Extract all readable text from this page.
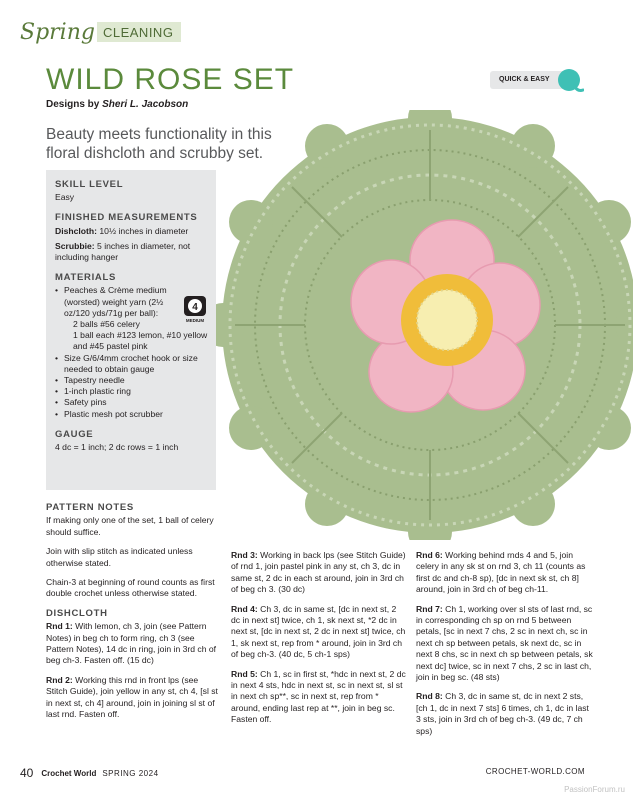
Spring CLEANING
WILD ROSE SET
Designs by Sheri L. Jacobson
QUICK & EASY
Beauty meets functionality in this floral dishcloth and scrubby set.
SKILL LEVEL
Easy
FINISHED MEASUREMENTS

Dishcloth: 10½ inches in diameter

Scrubbie: 5 inches in diameter, not including hanger

MATERIALS
• Peaches & Crème medium (worsted) weight yarn (2½ oz/120 yds/71g per ball):
2 balls #56 celery
1 ball each #123 lemon, #10 yellow and #45 pastel pink
• Size G/6/4mm crochet hook or size needed to obtain gauge
• Tapestry needle
• 1-inch plastic ring
• Safety pins
• Plastic mesh pot scrubber
GAUGE
4 dc = 1 inch; 2 dc rows = 1 inch
4
MEDIUM
PATTERN NOTES

If making only one of the set, 1 ball of celery should suffice.

Join with slip stitch as indicated unless otherwise stated.

Chain-3 at beginning of round counts as first double crochet unless otherwise stated.

DISHCLOTH

Rnd 1: With lemon, ch 3, join (see Pattern Notes) in beg ch to form ring, ch 3 (see Pattern Notes), 14 dc in ring, join in 3rd ch of beg ch-3. Fasten off. (15 dc)

Rnd 2: Working this rnd in front lps (see Stitch Guide), join yellow in any st, ch 4, [sl st in next st, ch 4] around, join in joining sl st of last rnd. Fasten off.

Rnd 3: Working in back lps (see Stitch Guide) of rnd 1, join pastel pink in any st, ch 3, dc in same st, 2 dc in each st around, join in 3rd ch of beg ch 3. (30 dc)

Rnd 4: Ch 3, dc in same st, [dc in next st, 2 dc in next st] twice, ch 1, sk next st, *2 dc in next st, [dc in next st, 2 dc in next st] twice, ch 1, sk next st, rep from * around, join in 3rd ch of beg ch-3. (40 dc, 5 ch-1 sps)

Rnd 5: Ch 1, sc in first st, *hdc in next st, 2 dc in next 4 sts, hdc in next st, sc in next st, sl st in next ch sp**, sc in next st, rep from * around, ending last rep at **, join in beg sc. Fasten off.

Rnd 6: Working behind rnds 4 and 5, join celery in any sk st on rnd 3, ch 11 (counts as first dc and ch-8 sp), [dc in next sk st, ch 8] around, join in 3rd ch of beg ch-11.

Rnd 7: Ch 1, working over sl sts of last rnd, sc in corresponding ch sp on rnd 5 between petals, [sc in next 7 chs, 2 sc in next ch, sc in next ch sp between petals, sk next dc, sc in next 8 chs, sc in next ch sp between petals, sk next dc] twice, sc in next 7 chs, 2 sc in last ch, join in beg sc. (48 sts)

Rnd 8: Ch 3, dc in same st, dc in next 2 sts, [ch 1, dc in next 7 sts] 6 times, ch 1, dc in last 3 sts, join in 3rd ch of beg ch-3. (49 dc, 7 ch sps)

40 Crochet World SPRING 2024	CROCHET-WORLD.COM
PassionForum.ru
